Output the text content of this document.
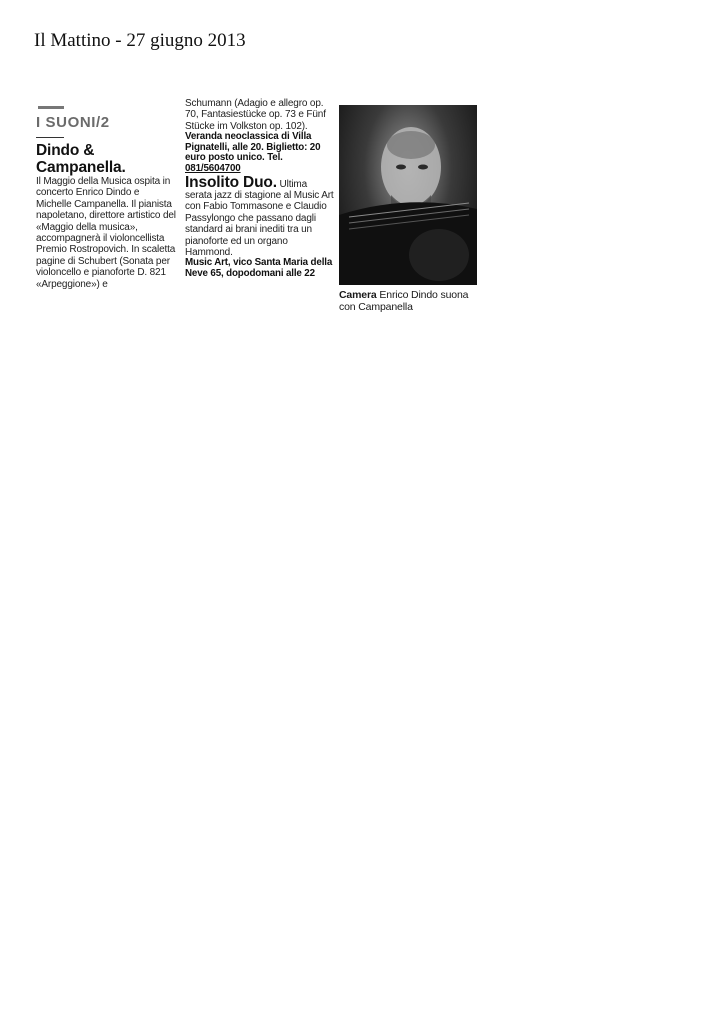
Il Mattino - 27 giugno 2013
I SUONI/2
Dindo & Campanella.

Il Maggio della Musica ospita in concerto Enrico Dindo e Michelle Campanella. Il pianista napoletano, direttore artistico del «Maggio della musica», accompagnerà il violoncellista Premio Rostropovich. In scaletta pagine di Schubert (Sonata per violoncello e pianoforte D. 821 «Arpeggione») e

Schumann (Adagio e allegro op. 70, Fantasiestücke op. 73 e Fünf Stücke im Volkston op. 102).

Veranda neoclassica di Villa Pignatelli, alle 20. Biglietto: 20 euro posto unico. Tel. 081/5604700

Insolito Duo. Ultima serata jazz di stagione al Music Art con Fabio Tommasone e Claudio Passylongo che passano dagli standard ai brani inediti tra un pianoforte ed un organo Hammond.

Music Art, vico Santa Maria della Neve 65, dopodomani alle 22

Camera Enrico Dindo suona con Campanella
